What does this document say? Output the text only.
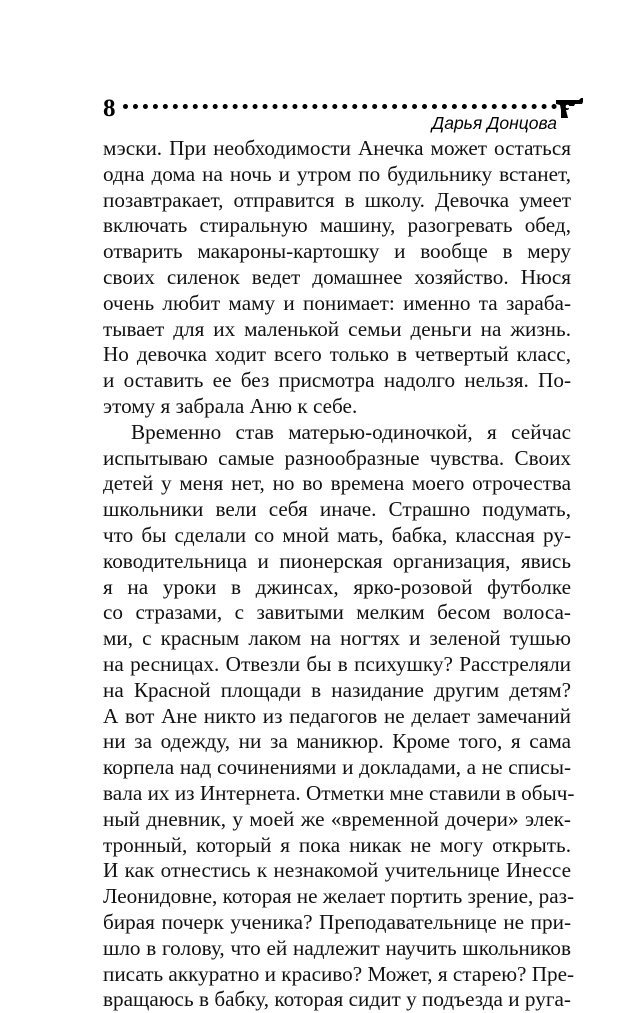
8
Дарья Донцова
мэски. При необходимости Анечка может остаться
одна дома на ночь и утром по будильнику встанет,
позавтракает, отправится в школу. Девочка умеет
включать стиральную машину, разогревать обед,
отварить макароны-картошку и вообще в меру
своих силенок ведет домашнее хозяйство. Нюся
очень любит маму и понимает: именно та зараба-
тывает для их маленькой семьи деньги на жизнь.
Но девочка ходит всего только в четвертый класс,
и оставить ее без присмотра надолго нельзя. По-
этому я забрала Аню к себе.
Временно став матерью-одиночкой, я сейчас
испытываю самые разнообразные чувства. Своих
детей у меня нет, но во времена моего отрочества
школьники вели себя иначе. Страшно подумать,
что бы сделали со мной мать, бабка, классная ру-
ководительница и пионерская организация, явись
я на уроки в джинсах, ярко-розовой футболке
со стразами, с завитыми мелким бесом волоса-
ми, с красным лаком на ногтях и зеленой тушью
на ресницах. Отвезли бы в психушку? Расстреляли
на Красной площади в назидание другим детям?
А вот Ане никто из педагогов не делает замечаний
ни за одежду, ни за маникюр. Кроме того, я сама
корпела над сочинениями и докладами, а не списы-
вала их из Интернета. Отметки мне ставили в обыч-
ный дневник, у моей же «временной дочери» элек-
тронный, который я пока никак не могу открыть.
И как отнестись к незнакомой учительнице Инессе
Леонидовне, которая не желает портить зрение, раз-
бирая почерк ученика? Преподавательнице не при-
шло в голову, что ей надлежит научить школьников
писать аккуратно и красиво? Может, я старею? Пре-
вращаюсь в бабку, которая сидит у подъезда и руга-
